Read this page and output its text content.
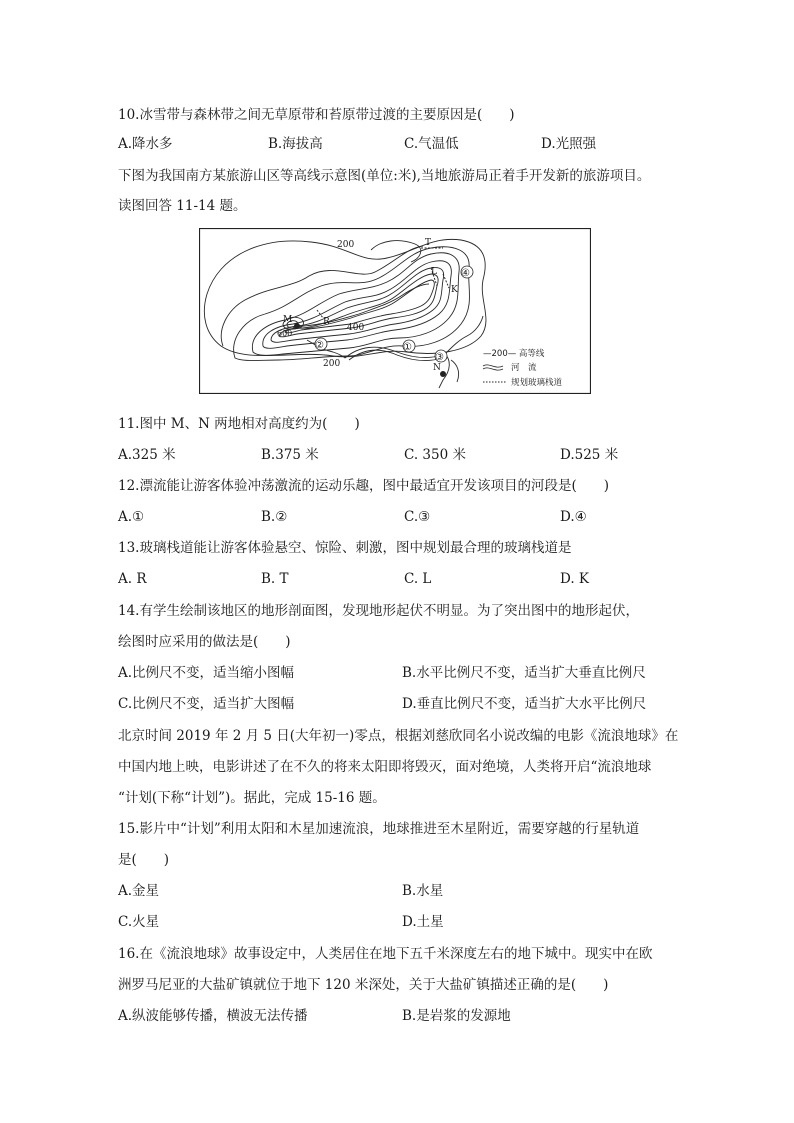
10.冰雪带与森林带之间无草原带和苔原带过渡的主要原因是(　　)
A.降水多	B.海拔高	C.气温低	D.光照强
下图为我国南方某旅游山区等高线示意图(单位:米),当地旅游局正着手开发新的旅游项目。
读图回答 11-14 题。
200
200
400
600
M
N
R
T
L
K
①
②
③
④
—200— 高等线
河　流
规划玻璃栈道
11.图中 M、N 两地相对高度约为(　　)
A.325 米	B.375 米	C. 350 米	D.525 米
12.漂流能让游客体验冲荡激流的运动乐趣，图中最适宜开发该项目的河段是(　　)
A.①	B.②	C.③	D.④
13.玻璃栈道能让游客体验悬空、惊险、刺激，图中规划最合理的玻璃栈道是
A. R	B. T	C. L	D. K
14.有学生绘制该地区的地形剖面图，发现地形起伏不明显。为了突出图中的地形起伏，
绘图时应采用的做法是(　　)
A.比例尺不变，适当缩小图幅	B.水平比例尺不变，适当扩大垂直比例尺
C.比例尺不变，适当扩大图幅	D.垂直比例尺不变，适当扩大水平比例尺
北京时间 2019 年 2 月 5 日(大年初一)零点，根据刘慈欣同名小说改编的电影《流浪地球》在
中国内地上映，电影讲述了在不久的将来太阳即将毁灭，面对绝境，人类将开启“流浪地球
“计划(下称“计划”)。据此，完成 15-16 题。
15.影片中“计划”利用太阳和木星加速流浪，地球推进至木星附近，需要穿越的行星轨道
是(　　)
A.金星	B.水星
C.火星	D.土星
16.在《流浪地球》故事设定中，人类居住在地下五千米深度左右的地下城中。现实中在欧
洲罗马尼亚的大盐矿镇就位于地下 120 米深处，关于大盐矿镇描述正确的是(　　)
A.纵波能够传播，横波无法传播	B.是岩浆的发源地
